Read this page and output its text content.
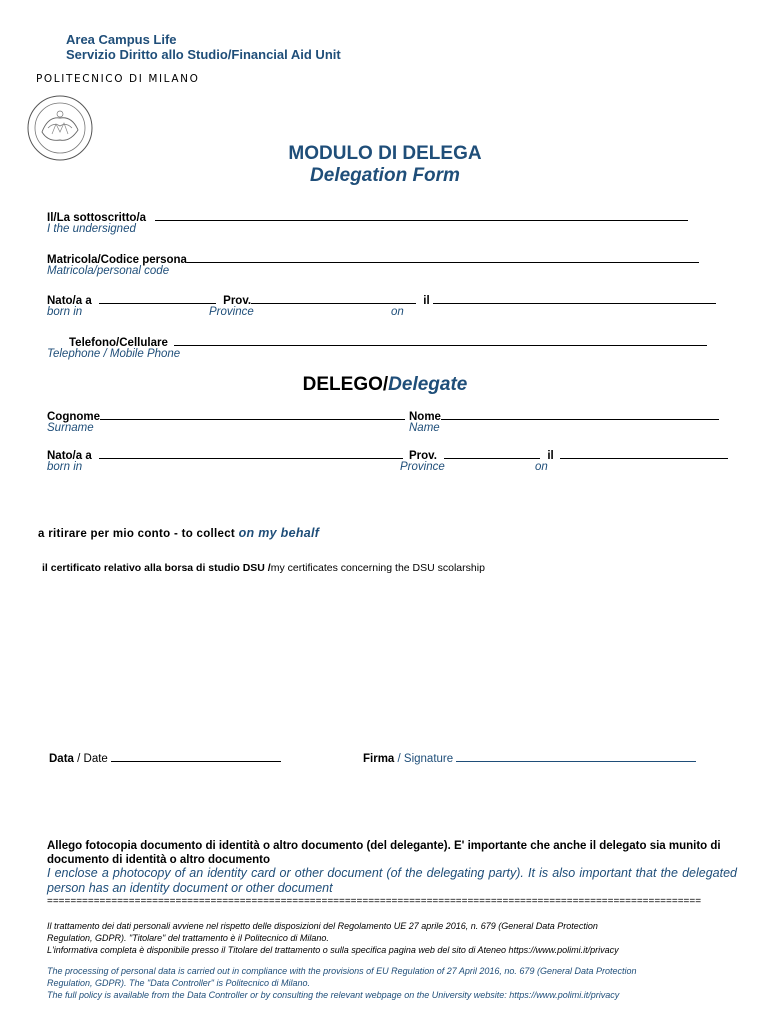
Area Campus Life
Servizio Diritto allo Studio/Financial Aid Unit
POLITECNICO DI MILANO
MODULO DI DELEGA
Delegation Form
Il/La sottoscritto/a
I the undersigned
Matricola/Codice persona
Matricola/personal code
Nato/a a	Prov.	il
born in	Province	on
Telefono/Cellulare
Telephone / Mobile Phone
DELEGO/Delegate
Cognome	Nome
Surname	Name
Nato/a a	Prov.	il
born in	Province	on
a ritirare per mio conto - to collect on my behalf
il certificato relativo alla borsa di studio DSU /my certificates concerning the DSU scolarship
Data / Date	Firma / Signature
Allego fotocopia documento di identità o altro documento (del delegante). E' importante che anche il delegato sia munito di documento di identità o altro documento
I enclose a photocopy of an identity card or other document (of the delegating party). It is also important that the delegated person has an identity document or other document
================================================================================================================
Il trattamento dei dati personali avviene nel rispetto delle disposizioni del Regolamento UE 27 aprile 2016, n. 679 (General Data Protection
Regulation, GDPR). "Titolare" del trattamento è il Politecnico di Milano.
L'informativa completa è disponibile presso il Titolare del trattamento o sulla specifica pagina web del sito di Ateneo https://www.polimi.it/privacy
The processing of personal data is carried out in compliance with the provisions of EU Regulation of 27 April 2016, no. 679 (General Data Protection
Regulation, GDPR). The "Data Controller" is Politecnico di Milano.
The full policy is available from the Data Controller or by consulting the relevant webpage on the University website: https://www.polimi.it/privacy
